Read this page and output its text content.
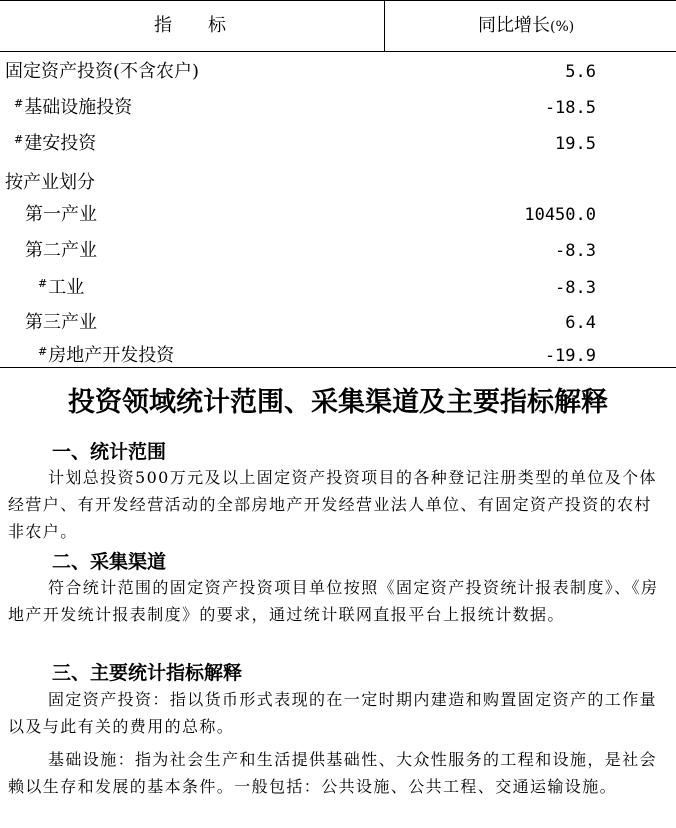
指标	同比增长(%)
固定资产投资(不含农户)	5.6
#基础设施投资	-18.5
#建安投资	19.5
按产业划分
第一产业	10450.0
第二产业	-8.3
#工业	-8.3
第三产业	6.4
#房地产开发投资	-19.9
投资领域统计范围、采集渠道及主要指标解释
一、统计范围

计划总投资500万元及以上固定资产投资项目的各种登记注册类型的单位及个体经营户、有开发经营活动的全部房地产开发经营业法人单位、有固定资产投资的农村非农户。

二、采集渠道

符合统计范围的固定资产投资项目单位按照《固定资产投资统计报表制度》、《房地产开发统计报表制度》的要求，通过统计联网直报平台上报统计数据。

三、主要统计指标解释

固定资产投资：指以货币形式表现的在一定时期内建造和购置固定资产的工作量以及与此有关的费用的总称。

基础设施：指为社会生产和生活提供基础性、大众性服务的工程和设施，是社会赖以生存和发展的基本条件。一般包括：公共设施、公共工程、交通运输设施。
